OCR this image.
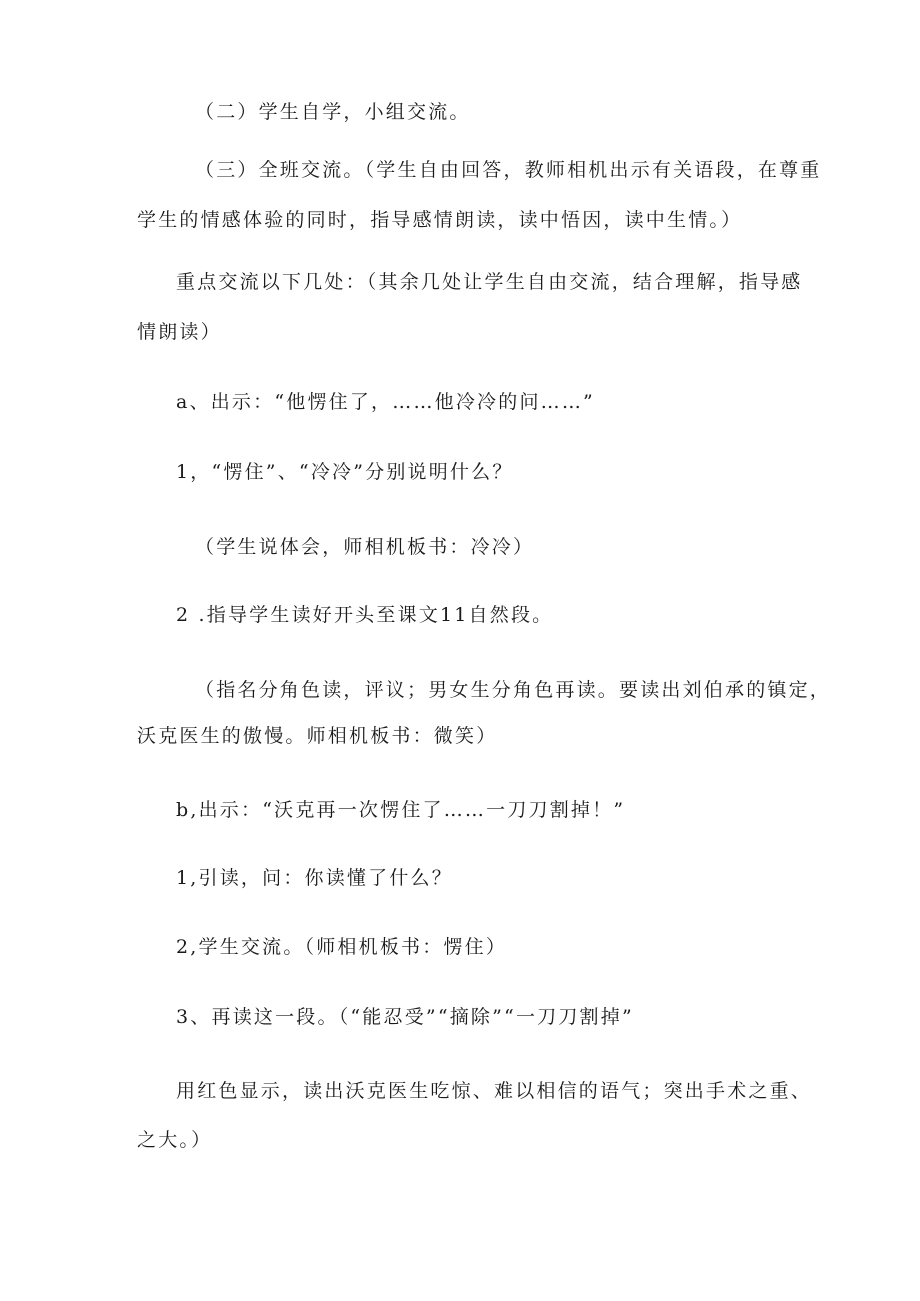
（二）学生自学，小组交流。
（三）全班交流。（学生自由回答，教师相机出示有关语段，在尊重
学生的情感体验的同时，指导感情朗读，读中悟因，读中生情。）
重点交流以下几处：（其余几处让学生自由交流，结合理解，指导感
情朗读）
a、出示：“他愣住了，……他冷冷的问……”
1，“愣住”、“冷冷”分别说明什么？
（学生说体会，师相机板书：冷冷）
2 .指导学生读好开头至课文11自然段。
（指名分角色读，评议；男女生分角色再读。要读出刘伯承的镇定，
沃克医生的傲慢。师相机板书：微笑）
b,出示：“沃克再一次愣住了……一刀刀割掉！”
1,引读，问：你读懂了什么？
2,学生交流。（师相机板书：愣住）
3、再读这一段。（“能忍受”“摘除”“一刀刀割掉”
用红色显示，读出沃克医生吃惊、难以相信的语气；突出手术之重、
之大。）
